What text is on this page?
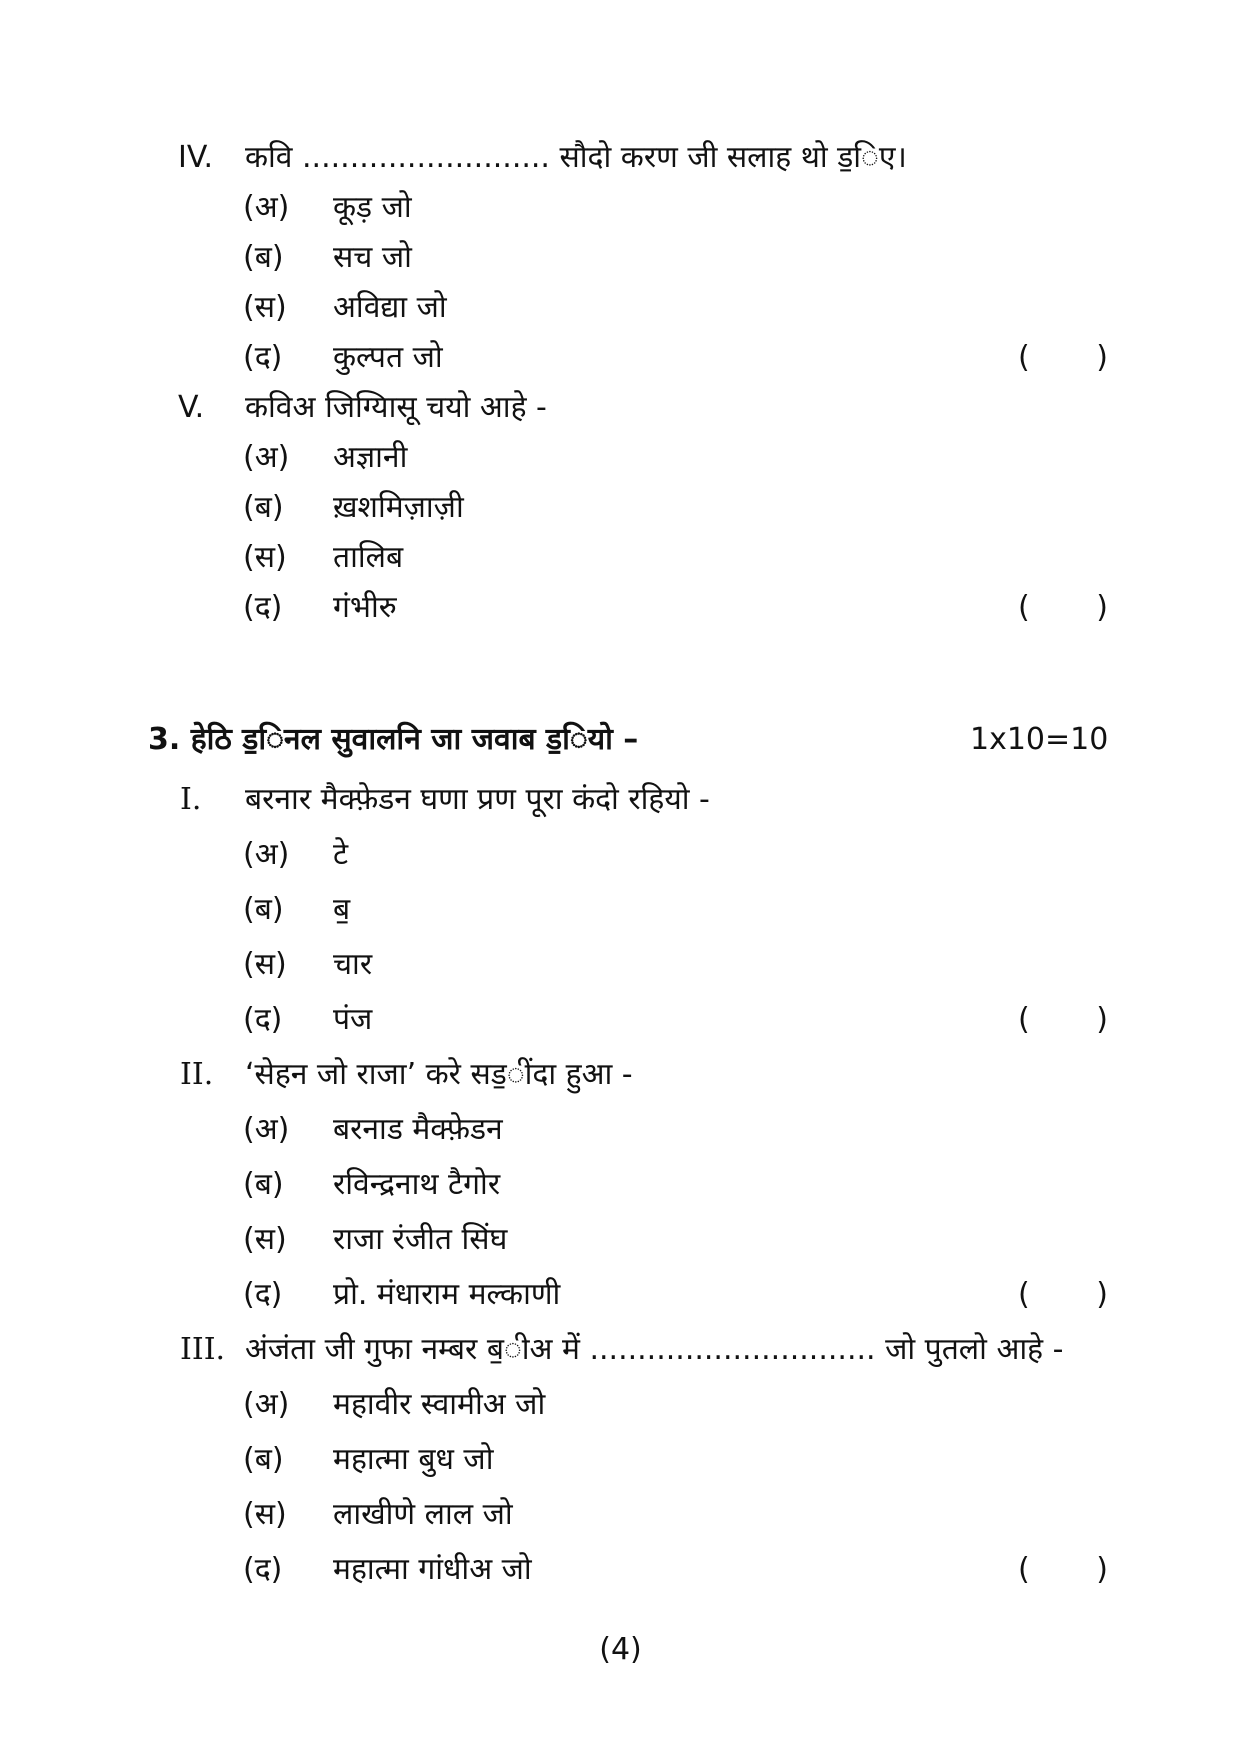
IV. कवि .......................... सौदो करण जी सलाह थो ड॒िए।
(अ) कूड़ जो
(ब) सच जो
(स) अविद्या जो
(द) कुल्पत जो	( )
V. कविअ जिग्यिासू चयो आहे -
(अ) अज्ञानी
(ब) ख़शमिज़ाज़ी
(स) तालिब
(द) गंभीरु	( )
3. हेठि ड॒िनल सुवालनि जा जवाब ड॒ियो –	1x10=10
I. बरनार मैक्फ़ेडन घणा प्रण पूरा कंदो रहियो -
(अ) टे
(ब) ब॒
(स) चार
(द) पंज	( )
II. ‘सेहन जो राजा’ करे सड॒ींदा हुआ -
(अ) बरनाड मैक्फ़ेडन
(ब) रविन्द्रनाथ टैगोर
(स) राजा रंजीत सिंघ
(द) प्रो. मंधाराम मल्काणी	( )
III. अंजंता जी गुफा नम्बर ब॒ीअ में .............................. जो पुतलो आहे -
(अ) महावीर स्वामीअ जो
(ब) महात्मा बुध जो
(स) लाखीणे लाल जो
(द) महात्मा गांधीअ जो	( )
(4)
